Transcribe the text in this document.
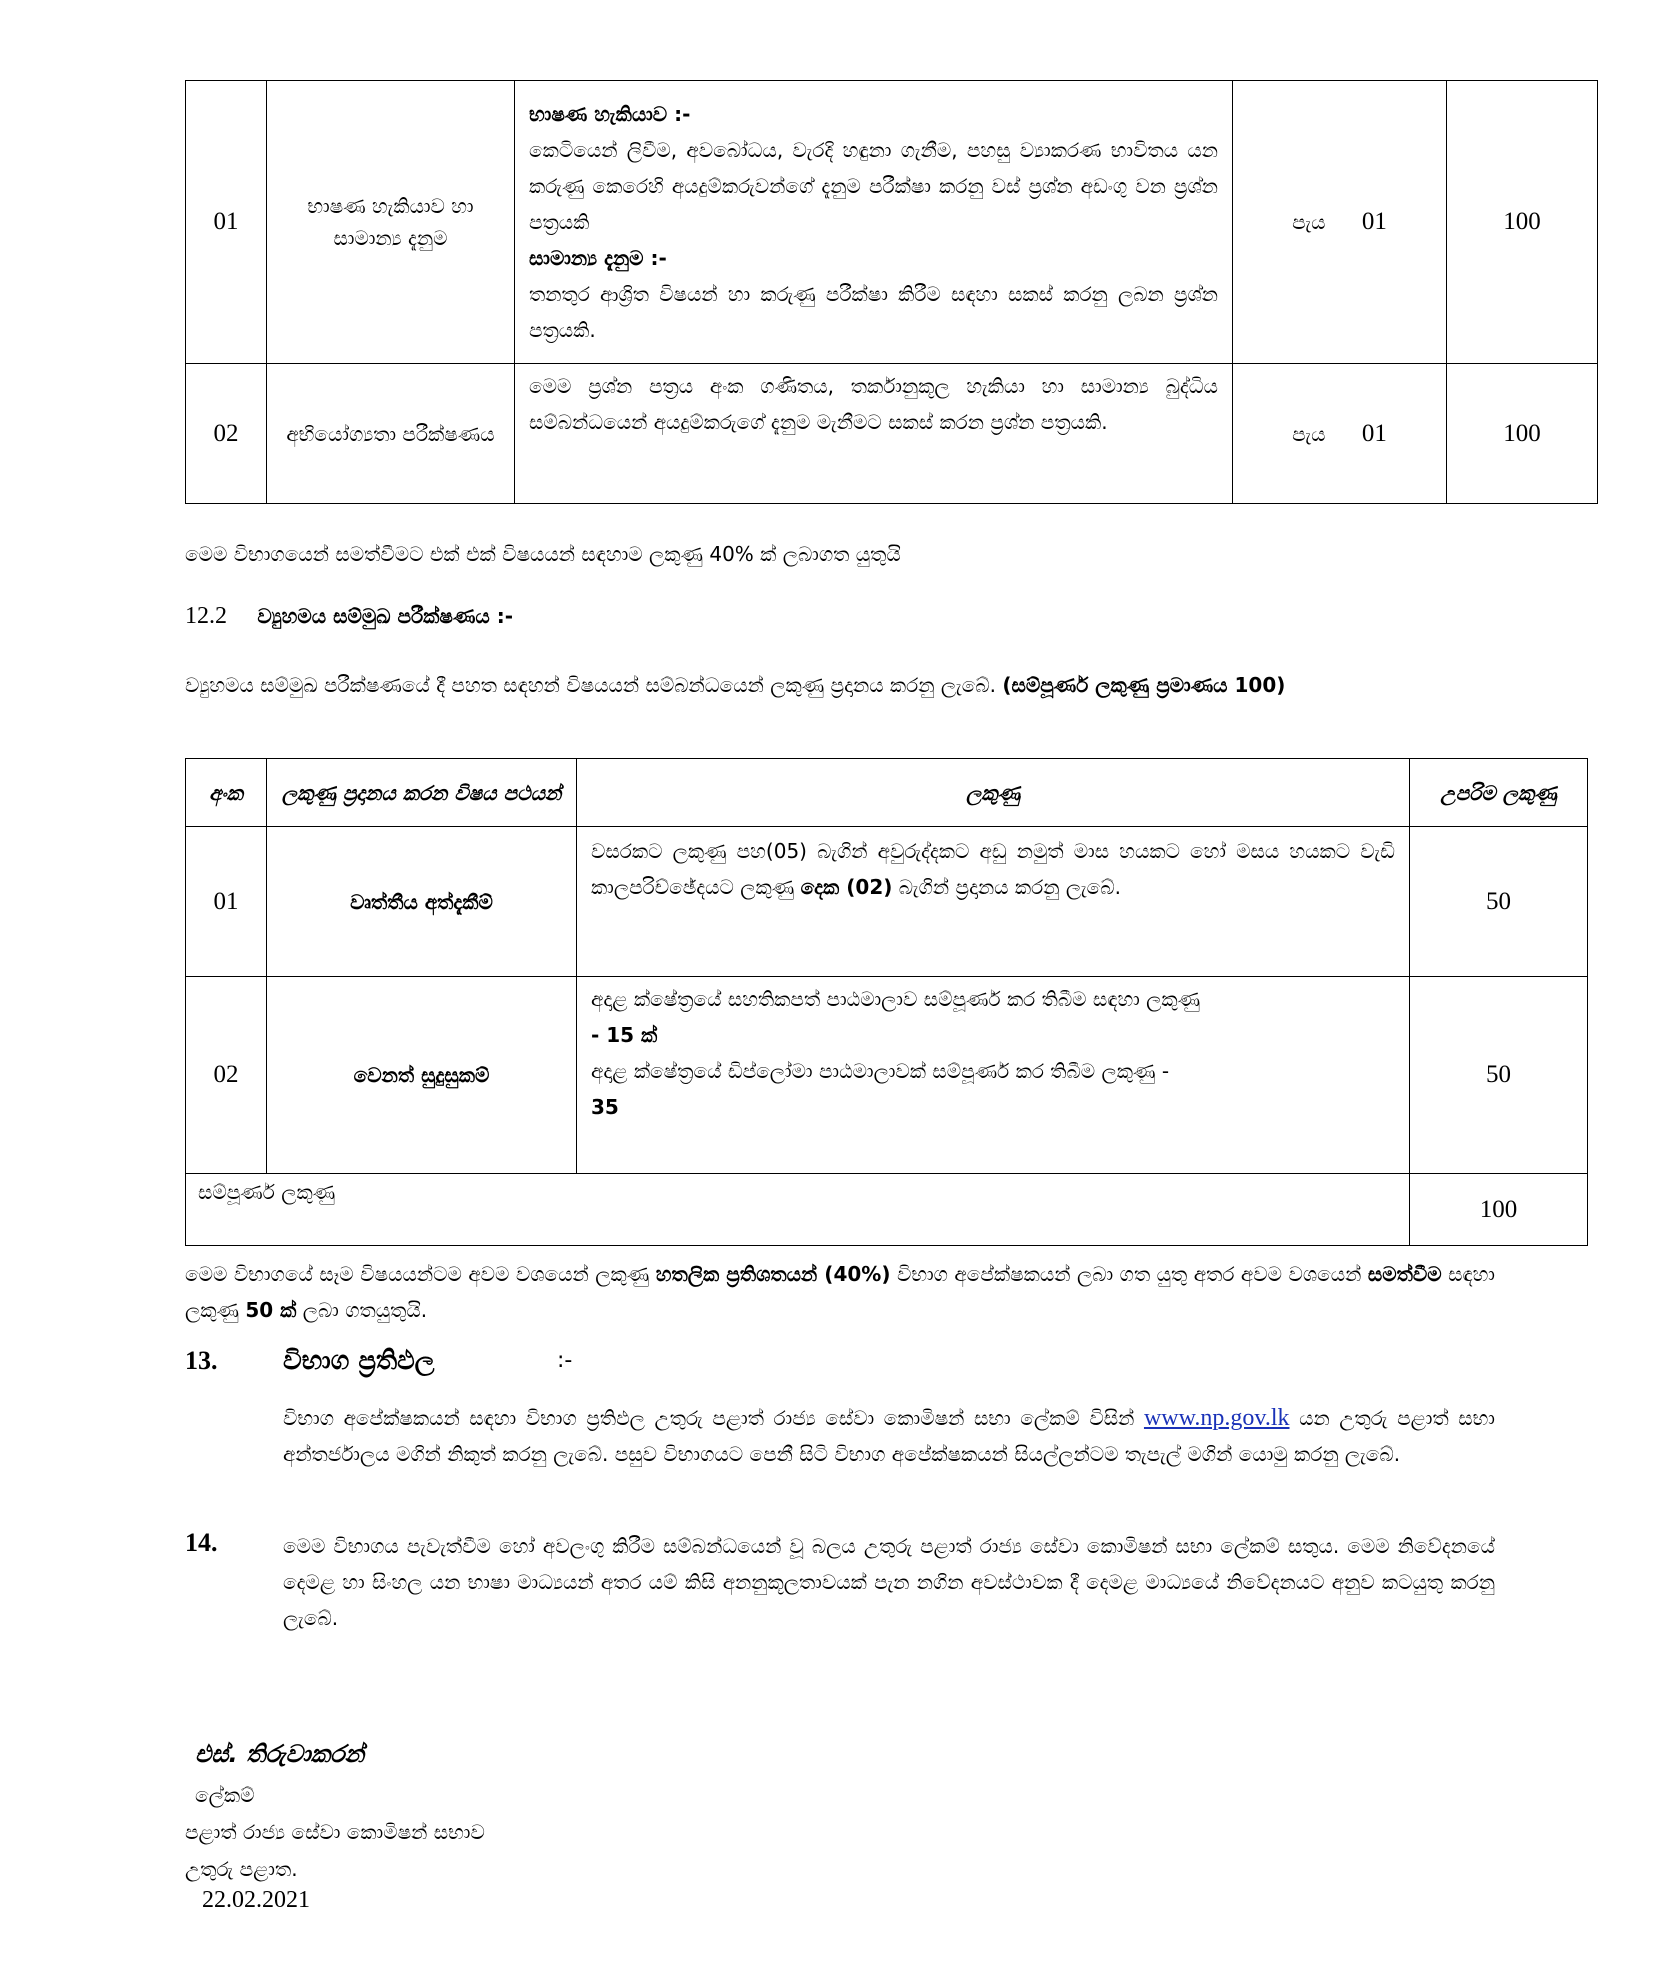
01	භාෂණ හැකියාව හා සාමාන්‍ය දැනුම	භාෂණ හැකියාව :-
කෙටියෙන් ලිවීම, අවබෝධය, වැරදි හඳුනා ගැනීම, පහසු ව්‍යාකරණ භාවිතය යන කරුණු කෙරෙහි අයදුම්කරුවන්ගේ දැනුම පරීක්ෂා කරනු වස් ප්‍රශ්න අඩංගු වන ප්‍රශ්න පත්‍රයකි
සාමාන්‍ය දැනුම :-
තනතුර ආශ්‍රිත විෂයන් හා කරුණු පරීක්ෂා කිරීම සඳහා සකස් කරනු ලබන ප්‍රශ්න පත්‍රයකි.	පැය 01	100
02	අභියෝග්‍යතා පරීක්ෂණය	මෙම ප්‍රශ්න පත්‍රය අංක ගණිතය, තර්කානුකූල හැකියා හා සාමාන්‍ය බුද්ධිය සම්බන්ධයෙන් අයදුම්කරුගේ දැනුම මැනීමට සකස් කරන ප්‍රශ්න පත්‍රයකි.	පැය 01	100
මෙම විභාගයෙන් සමත්වීමට එක් එක් විෂයයන් සඳහාම ලකුණු 40% ක් ලබාගත යුතුයි
12.2 ව්‍යුහමය සම්මුඛ පරීක්ෂණය :-
ව්‍යුහමය සම්මුඛ පරීක්ෂණයේ දී පහත සඳහන් විෂයයන් සම්බන්ධයෙන් ලකුණු ප්‍රදානය කරනු ලැබේ. (සම්පූර්ණ ලකුණු ප්‍රමාණය 100)
අංක	ලකුණු ප්‍රදානය කරන විෂය පථයන්	ලකුණු	උපරිම ලකුණු
01	වෘත්තීය අත්දැකීම්	වසරකට ලකුණු පහ(05) බැගින් අවුරුද්දකට අඩු නමුත් මාස හයකට හෝ මසය හයකට වැඩි කාලපරිච්ඡේදයට ලකුණු දෙක (02) බැගින් ප්‍රදානය කරනු ලැබේ.	50
02	වෙනත් සුදුසුකම්	අදාළ ක්ෂේත්‍රයේ සහතිකපත් පාඨමාලාව සම්පූර්ණ කර තිබීම සඳහා ලකුණු
- 15 ක්
අදාළ ක්ෂේත්‍රයේ ඩිප්ලෝමා පාඨමාලාවක් සම්පූර්ණ කර තිබීම ලකුණු -
35	50
සම්පූර්ණ ලකුණු			100
මෙම විභාගයේ සෑම විෂයයන්ටම අවම වශයෙන් ලකුණු හතලික ප්‍රතිශතයන් (40%) විභාග අපේක්ෂකයන් ලබා ගත යුතු අතර අවම වශයෙන් සමත්වීම සඳහා ලකුණු 50 ක් ලබා ගතයුතුයි.
13.	විභාග ප්‍රතිඵල	:-
විභාග අපේක්ෂකයන් සඳහා විභාග ප්‍රතිඵල උතුරු පළාත් රාජ්‍ය සේවා කොමිෂන් සභා ලේකම් විසින් www.np.gov.lk යන උතුරු පළාත් සභා අන්තර්ජාලය මගින් නිකුත් කරනු ලැබේ. පසුව විභාගයට පෙනී සිටි විභාග අපේක්ෂකයන් සියල්ලන්ටම තැපැල් මගින් යොමු කරනු ලැබේ.
14.	මෙම විභාගය පැවැත්වීම හෝ අවලංගු කිරීම සම්බන්ධයෙන් වූ බලය උතුරු පළාත් රාජ්‍ය සේවා කොමිෂන් සභා ලේකම් සතුය. මෙම නිවේදනයේ දෙමළ හා සිංහල යන භාෂා මාධ්‍යයන් අතර යම් කිසි අනනුකූලතාවයක් පැන නගින අවස්ථාවක දී දෙමළ මාධ්‍යයේ නිවේදනයට අනුව කටයුතු කරනු ලැබේ.
එස්. තිරුවාකරන්
ලේකම්
පළාත් රාජ්‍ය සේවා කොමිෂන් සභාව
උතුරු පළාත.
22.02.2021
